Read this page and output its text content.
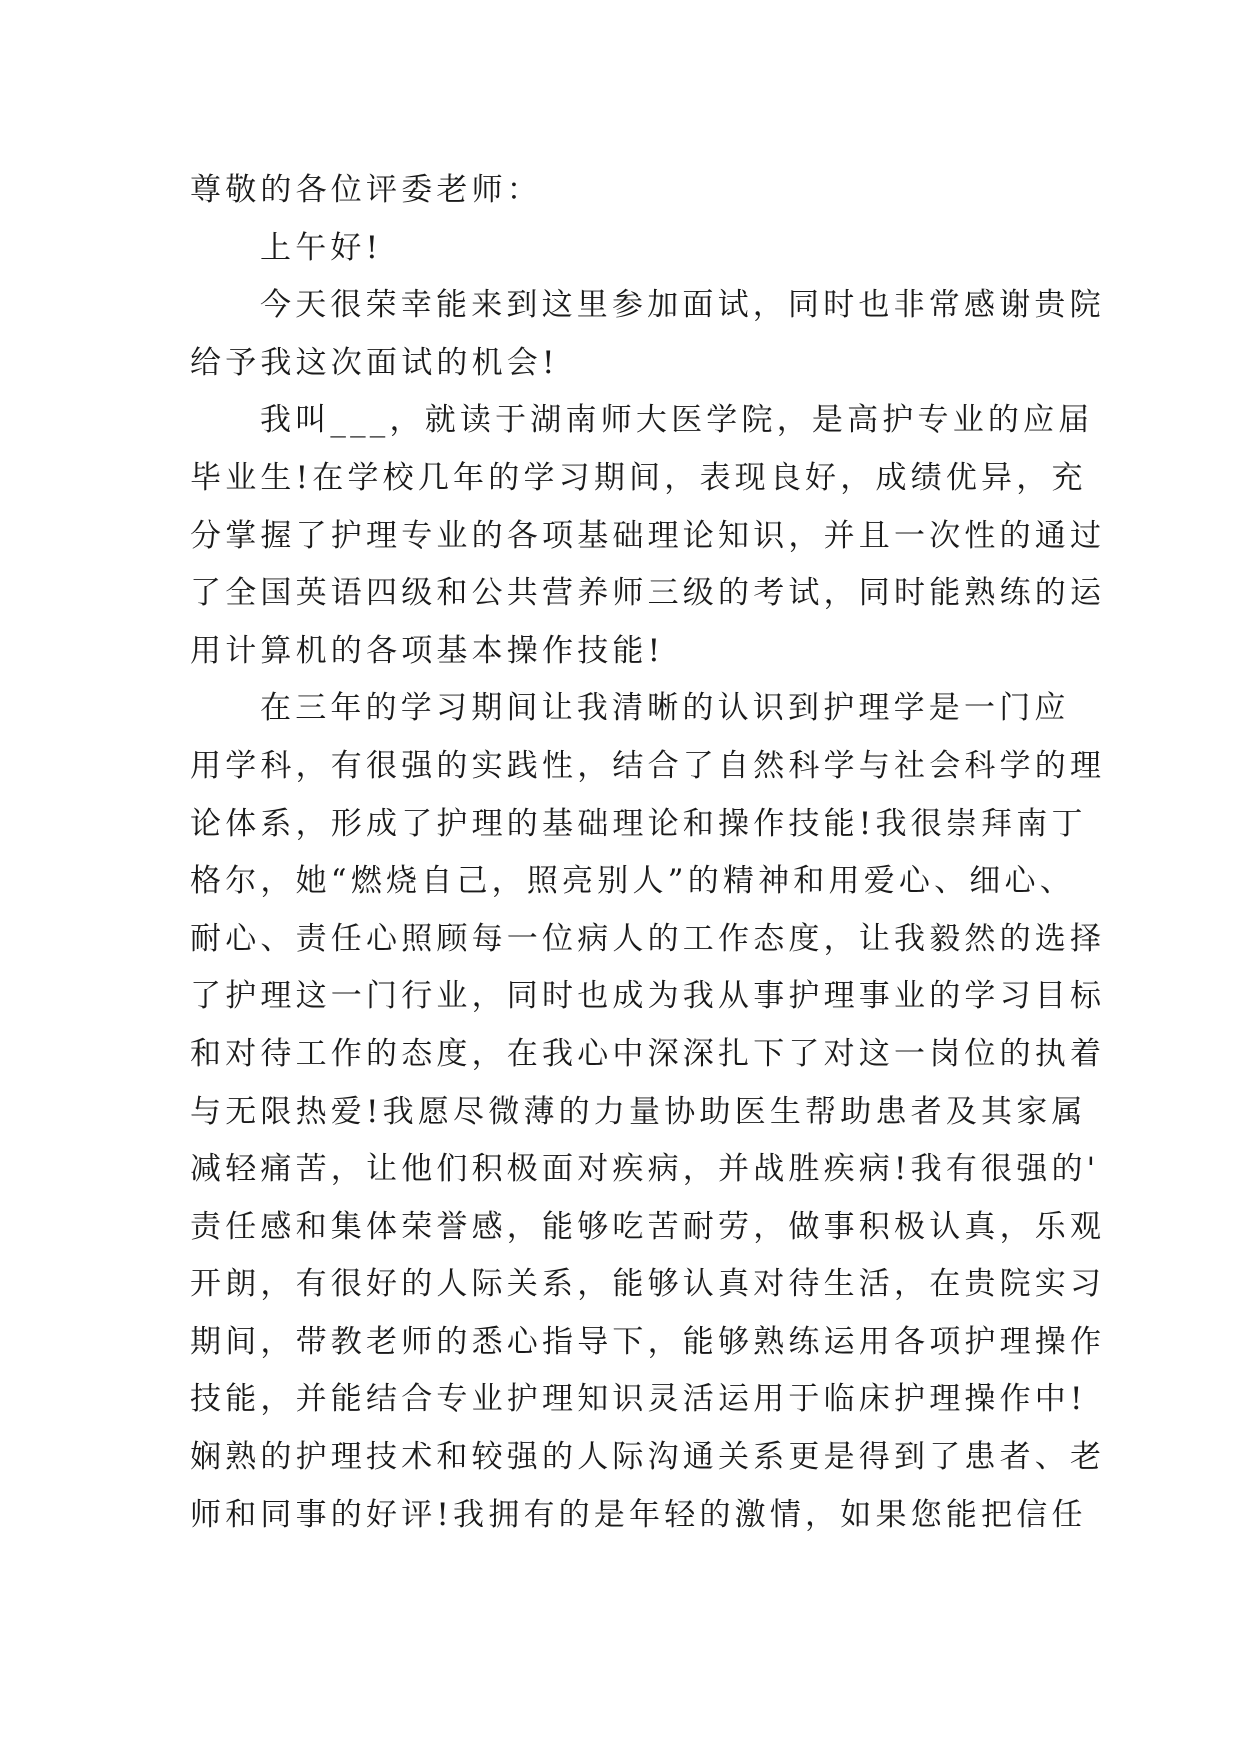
尊敬的各位评委老师：
上午好!
今天很荣幸能来到这里参加面试，同时也非常感谢贵院
给予我这次面试的机会!
我叫___，就读于湖南师大医学院，是高护专业的应届
毕业生!在学校几年的学习期间，表现良好，成绩优异，充
分掌握了护理专业的各项基础理论知识，并且一次性的通过
了全国英语四级和公共营养师三级的考试，同时能熟练的运
用计算机的各项基本操作技能!
在三年的学习期间让我清晰的认识到护理学是一门应
用学科，有很强的实践性，结合了自然科学与社会科学的理
论体系，形成了护理的基础理论和操作技能!我很崇拜南丁
格尔，她“燃烧自己，照亮别人”的精神和用爱心、细心、
耐心、责任心照顾每一位病人的工作态度，让我毅然的选择
了护理这一门行业，同时也成为我从事护理事业的学习目标
和对待工作的态度，在我心中深深扎下了对这一岗位的执着
与无限热爱!我愿尽微薄的力量协助医生帮助患者及其家属
减轻痛苦，让他们积极面对疾病，并战胜疾病!我有很强的'
责任感和集体荣誉感，能够吃苦耐劳，做事积极认真，乐观
开朗，有很好的人际关系，能够认真对待生活，在贵院实习
期间，带教老师的悉心指导下，能够熟练运用各项护理操作
技能，并能结合专业护理知识灵活运用于临床护理操作中!
娴熟的护理技术和较强的人际沟通关系更是得到了患者、老
师和同事的好评!我拥有的是年轻的激情，如果您能把信任
